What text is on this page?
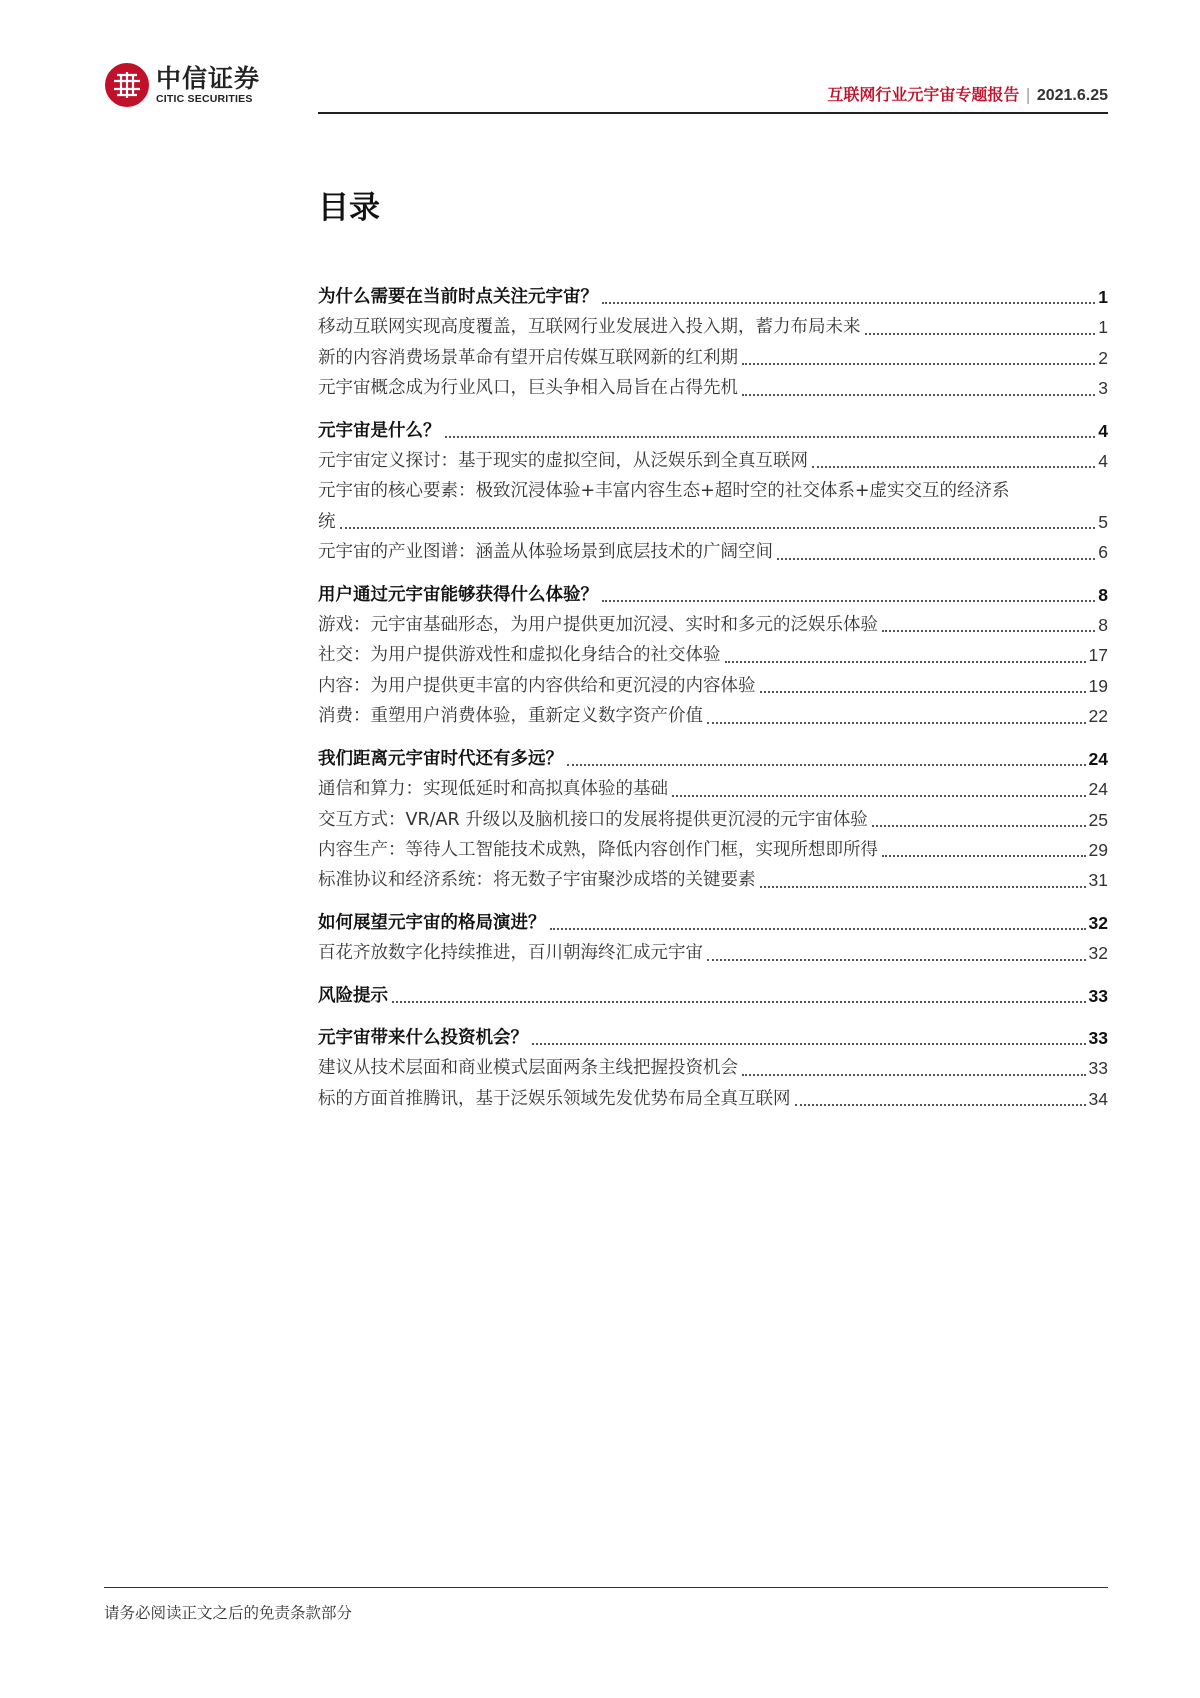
中信证券
CITIC SECURITIES	互联网行业元宇宙专题报告 | 2021.6.25
目录
为什么需要在当前时点关注元宇宙？	1
移动互联网实现高度覆盖，互联网行业发展进入投入期，蓄力布局未来	1
新的内容消费场景革命有望开启传媒互联网新的红利期	2
元宇宙概念成为行业风口，巨头争相入局旨在占得先机	3
元宇宙是什么？	4
元宇宙定义探讨：基于现实的虚拟空间，从泛娱乐到全真互联网	4
元宇宙的核心要素：极致沉浸体验+丰富内容生态+超时空的社交体系+虚实交互的经济系
统	5
元宇宙的产业图谱：涵盖从体验场景到底层技术的广阔空间	6
用户通过元宇宙能够获得什么体验？	8
游戏：元宇宙基础形态，为用户提供更加沉浸、实时和多元的泛娱乐体验	8
社交：为用户提供游戏性和虚拟化身结合的社交体验	17
内容：为用户提供更丰富的内容供给和更沉浸的内容体验	19
消费：重塑用户消费体验，重新定义数字资产价值	22
我们距离元宇宙时代还有多远？	24
通信和算力：实现低延时和高拟真体验的基础	24
交互方式：VR/AR 升级以及脑机接口的发展将提供更沉浸的元宇宙体验	25
内容生产：等待人工智能技术成熟，降低内容创作门框，实现所想即所得	29
标准协议和经济系统：将无数子宇宙聚沙成塔的关键要素	31
如何展望元宇宙的格局演进？	32
百花齐放数字化持续推进，百川朝海终汇成元宇宙	32
风险提示	33
元宇宙带来什么投资机会？	33
建议从技术层面和商业模式层面两条主线把握投资机会	33
标的方面首推腾讯，基于泛娱乐领域先发优势布局全真互联网	34
请务必阅读正文之后的免责条款部分
